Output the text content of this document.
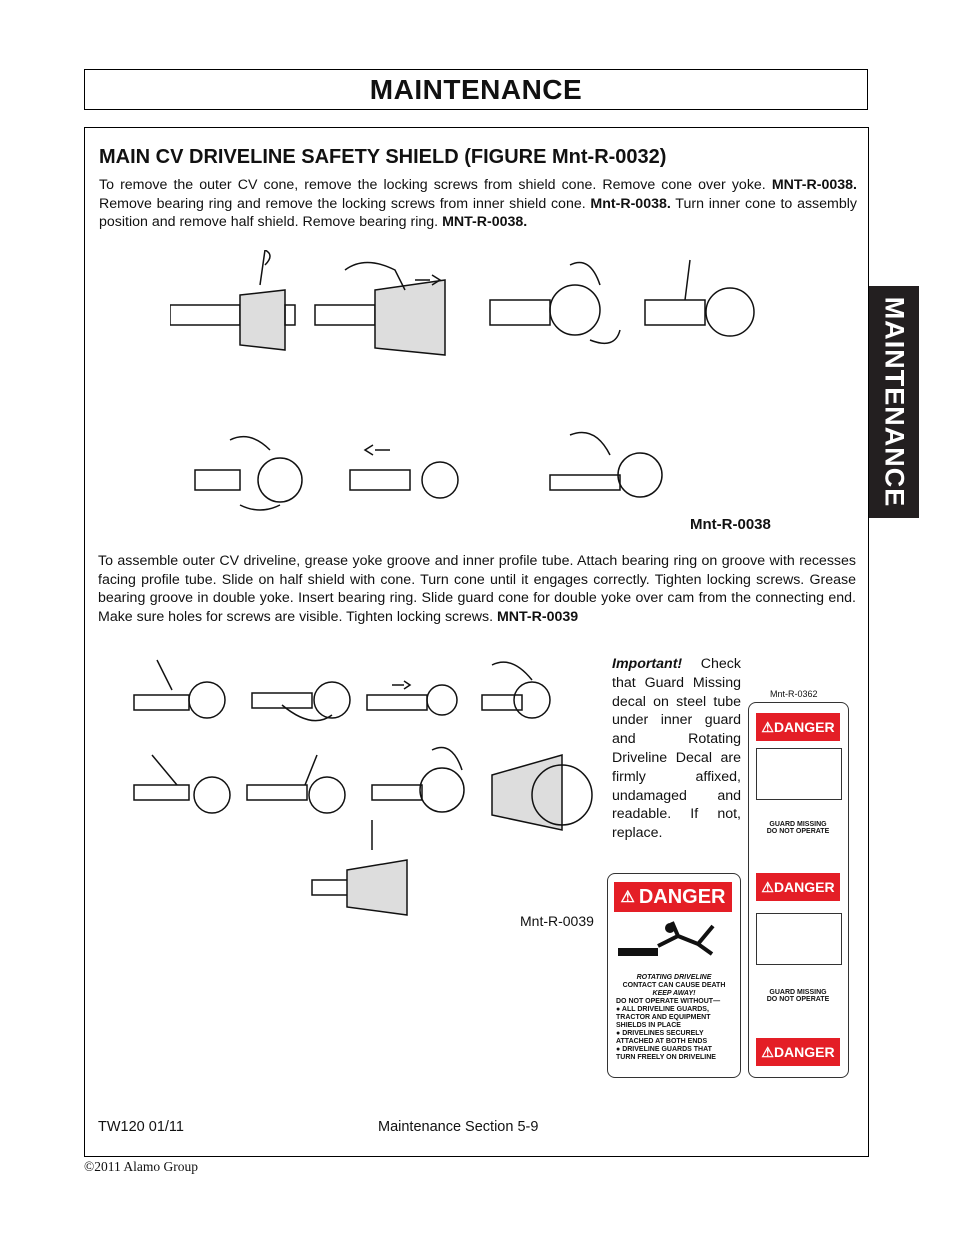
MAINTENANCE
MAINTENANCE
MAIN CV DRIVELINE SAFETY SHIELD (FIGURE Mnt-R-0032)

To remove the outer CV cone, remove the locking screws from shield cone. Remove cone over yoke. MNT-R-0038. Remove bearing ring and remove the locking screws from inner shield cone. Mnt-R-0038. Turn inner cone to assembly position and remove half shield. Remove bearing ring. MNT-R-0038.

Mnt-R-0038

To assemble outer CV driveline, grease yoke groove and inner profile tube. Attach bearing ring on groove with recesses facing profile tube. Slide on half shield with cone. Turn cone until it engages correctly. Tighten locking screws. Grease bearing groove in double yoke. Insert bearing ring. Slide guard cone for double yoke over cam from the connecting end. Make sure holes for screws are visible. Tighten locking screws. MNT-R-0039

Mnt-R-0039

Important! Check that Guard Missing decal on steel tube under inner guard and Rotating Driveline Decal are firmly affixed, undamaged and readable. If not, replace.

⚠ DANGER
ROTATING DRIVELINE
CONTACT CAN CAUSE DEATH
KEEP AWAY!
DO NOT OPERATE WITHOUT—
● ALL DRIVELINE GUARDS, TRACTOR AND EQUIPMENT SHIELDS IN PLACE
● DRIVELINES SECURELY ATTACHED AT BOTH ENDS
● DRIVELINE GUARDS THAT TURN FREELY ON DRIVELINE
Mnt-R-0362
⚠ DANGER
GUARD MISSING
DO NOT OPERATE
⚠ DANGER
GUARD MISSING
DO NOT OPERATE
⚠ DANGER
TW120 01/11	Maintenance Section 5-9
©2011 Alamo Group
